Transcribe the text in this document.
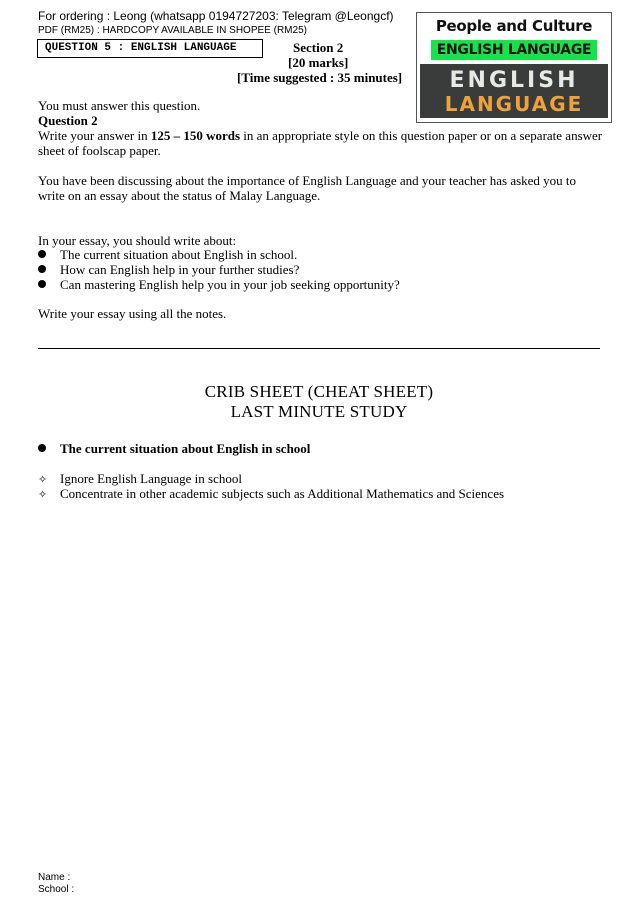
For ordering : Leong (whatsapp 0194727203: Telegram @Leongcf)
PDF (RM25) : HARDCOPY AVAILABLE IN SHOPEE (RM25)
QUESTION 5 : ENGLISH LANGUAGE	Section 2
[20 marks]
[Time suggested : 35 minutes]
People and Culture
ENGLISH LANGUAGE
ENGLISH
LANGUAGE
You must answer this question.
Question 2
Write your answer in 125 – 150 words in an appropriate style on this question paper or on a separate answer sheet of foolscap paper.
You have been discussing about the importance of English Language and your teacher has asked you to write on an essay about the status of Malay Language.
In your essay, you should write about:
The current situation about English in school.
How can English help in your further studies?
Can mastering English help you in your job seeking opportunity?
Write your essay using all the notes.
CRIB SHEET (CHEAT SHEET)
LAST MINUTE STUDY
The current situation about English in school
✧ Ignore English Language in school
✧ Concentrate in other academic subjects such as Additional Mathematics and Sciences
Name :
School :
